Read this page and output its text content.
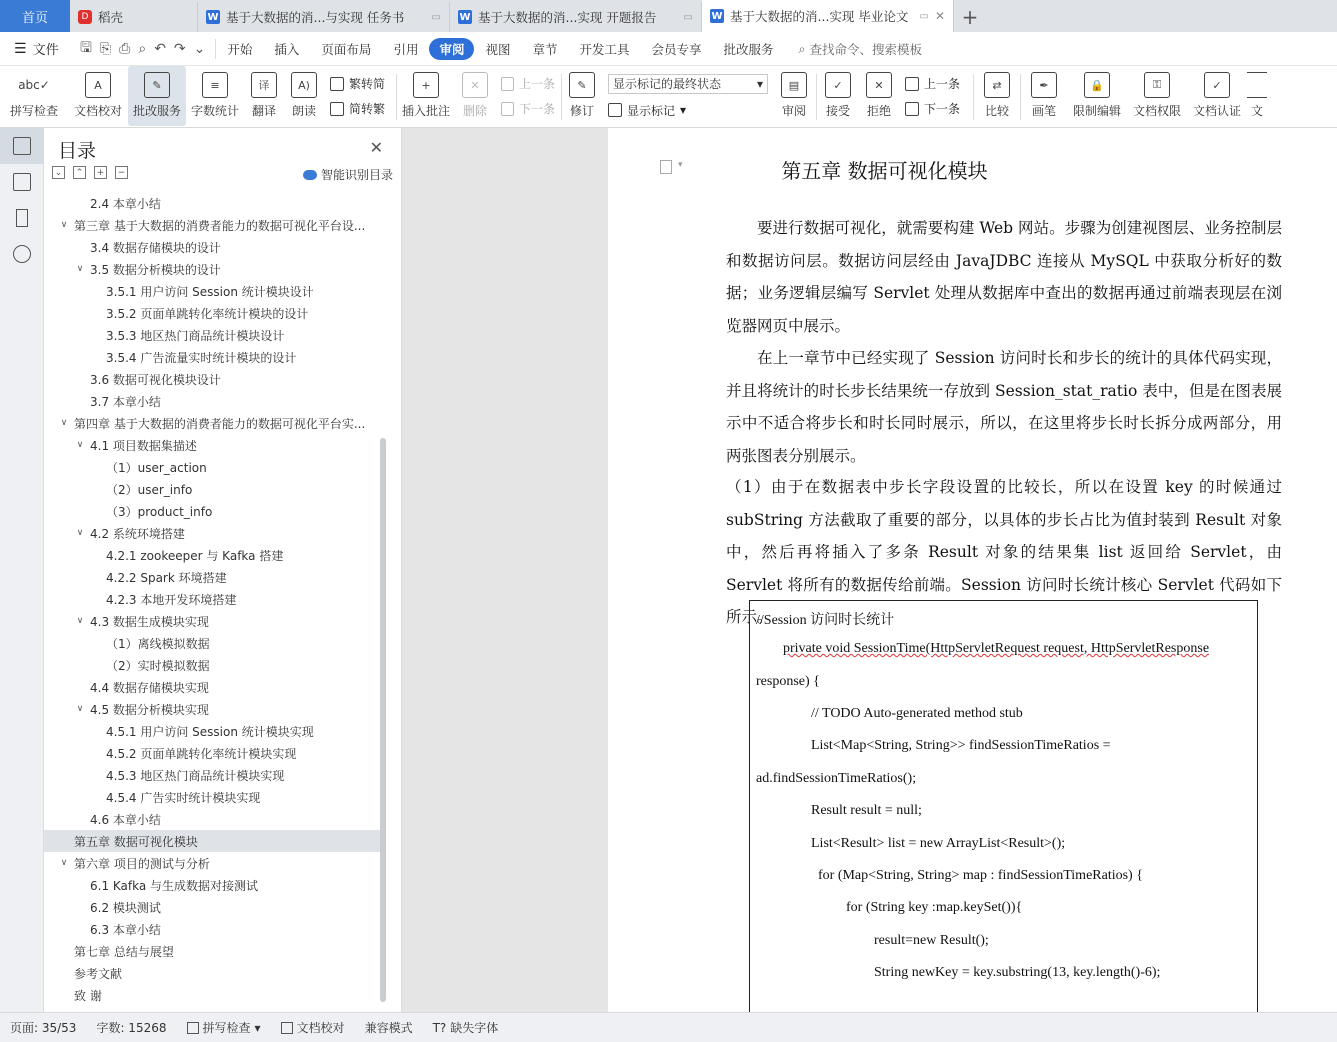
首页	D 稻壳	W 基于大数据的消...与实现 任务书	▭ W 基于大数据的消...实现 开题报告	▭ W 基于大数据的消...实现 毕业论文	▭ ✕ +
☰ 文件 🖫 ⎘ ⎙ ⌕ ↶ ↷ ⌄	开始	插入	页面布局	引用	审阅	视图	章节	开发工具	会员专享	批改服务	⌕ 查找命令、搜索模板
abc✓
拼写检查
A
文档校对
✎
批改服务
≡
字数统计
译
翻译
A)
朗读
繁转简
简转繁
+
插入批注
✕
删除
上一条
下一条
✎
修订
显示标记的最终状态	▾
显示标记 ▾
▤
审阅
✓
接受
✕
拒绝
上一条
下一条
⇄
比较
✒
画笔
🔒
限制编辑
⚿
文档权限
✓
文档认证 文
目录	✕
⌄	⌃	+	−	智能识别目录
2.4 本章小结
∨ 第三章 基于大数据的消费者能力的数据可视化平台设...
3.4 数据存储模块的设计
∨ 3.5 数据分析模块的设计
3.5.1 用户访问 Session 统计模块设计
3.5.2 页面单跳转化率统计模块的设计
3.5.3 地区热门商品统计模块设计
3.5.4 广告流量实时统计模块的设计
3.6 数据可视化模块设计
3.7 本章小结
∨ 第四章 基于大数据的消费者能力的数据可视化平台实...
∨ 4.1 项目数据集描述
（1）user_action
（2）user_info
（3）product_info
∨ 4.2 系统环境搭建
4.2.1 zookeeper 与 Kafka 搭建
4.2.2 Spark 环境搭建
4.2.3 本地开发环境搭建
∨ 4.3 数据生成模块实现
（1）离线模拟数据
（2）实时模拟数据
4.4 数据存储模块实现
∨ 4.5 数据分析模块实现
4.5.1 用户访问 Session 统计模块实现
4.5.2 页面单跳转化率统计模块实现
4.5.3 地区热门商品统计模块实现
4.5.4 广告实时统计模块实现
4.6 本章小结
第五章 数据可视化模块
∨ 第六章 项目的测试与分析
6.1 Kafka 与生成数据对接测试
6.2 模块测试
6.3 本章小结
第七章 总结与展望
参考文献
致 谢
▾	第五章 数据可视化模块
要进行数据可视化，就需要构建 Web 网站。步骤为创建视图层、业务控制层和数据访问层。数据访问层经由 JavaJDBC 连接从 MySQL 中获取分析好的数据；业务逻辑层编写 Servlet 处理从数据库中查出的数据再通过前端表现层在浏览器网页中展示。
在上一章节中已经实现了 Session 访问时长和步长的统计的具体代码实现，并且将统计的时长步长结果统一存放到 Session_stat_ratio 表中，但是在图表展示中不适合将步长和时长同时展示，所以，在这里将步长时长拆分成两部分，用两张图表分别展示。
（1）由于在数据表中步长字段设置的比较长，所以在设置 key 的时候通过 subString 方法截取了重要的部分，以具体的步长占比为值封装到 Result 对象中，然后再将插入了多条 Result 对象的结果集 list 返回给 Servlet，由 Servlet 将所有的数据传给前端。Session 访问时长统计核心 Servlet 代码如下所示。
//Session 访问时长统计
private void SessionTime(HttpServletRequest request, HttpServletResponse
response) {
// TODO Auto-generated method stub
List<Map<String, String>> findSessionTimeRatios =
ad.findSessionTimeRatios();
Result result = null;
List<Result> list = new ArrayList<Result>();
for (Map<String, String> map : findSessionTimeRatios) {
for (String key :map.keySet()){
result=new Result();
String newKey = key.substring(13, key.length()-6);
页面: 35/53 字数: 15268	拼写检查 ▾	文档校对 兼容模式 T? 缺失字体
